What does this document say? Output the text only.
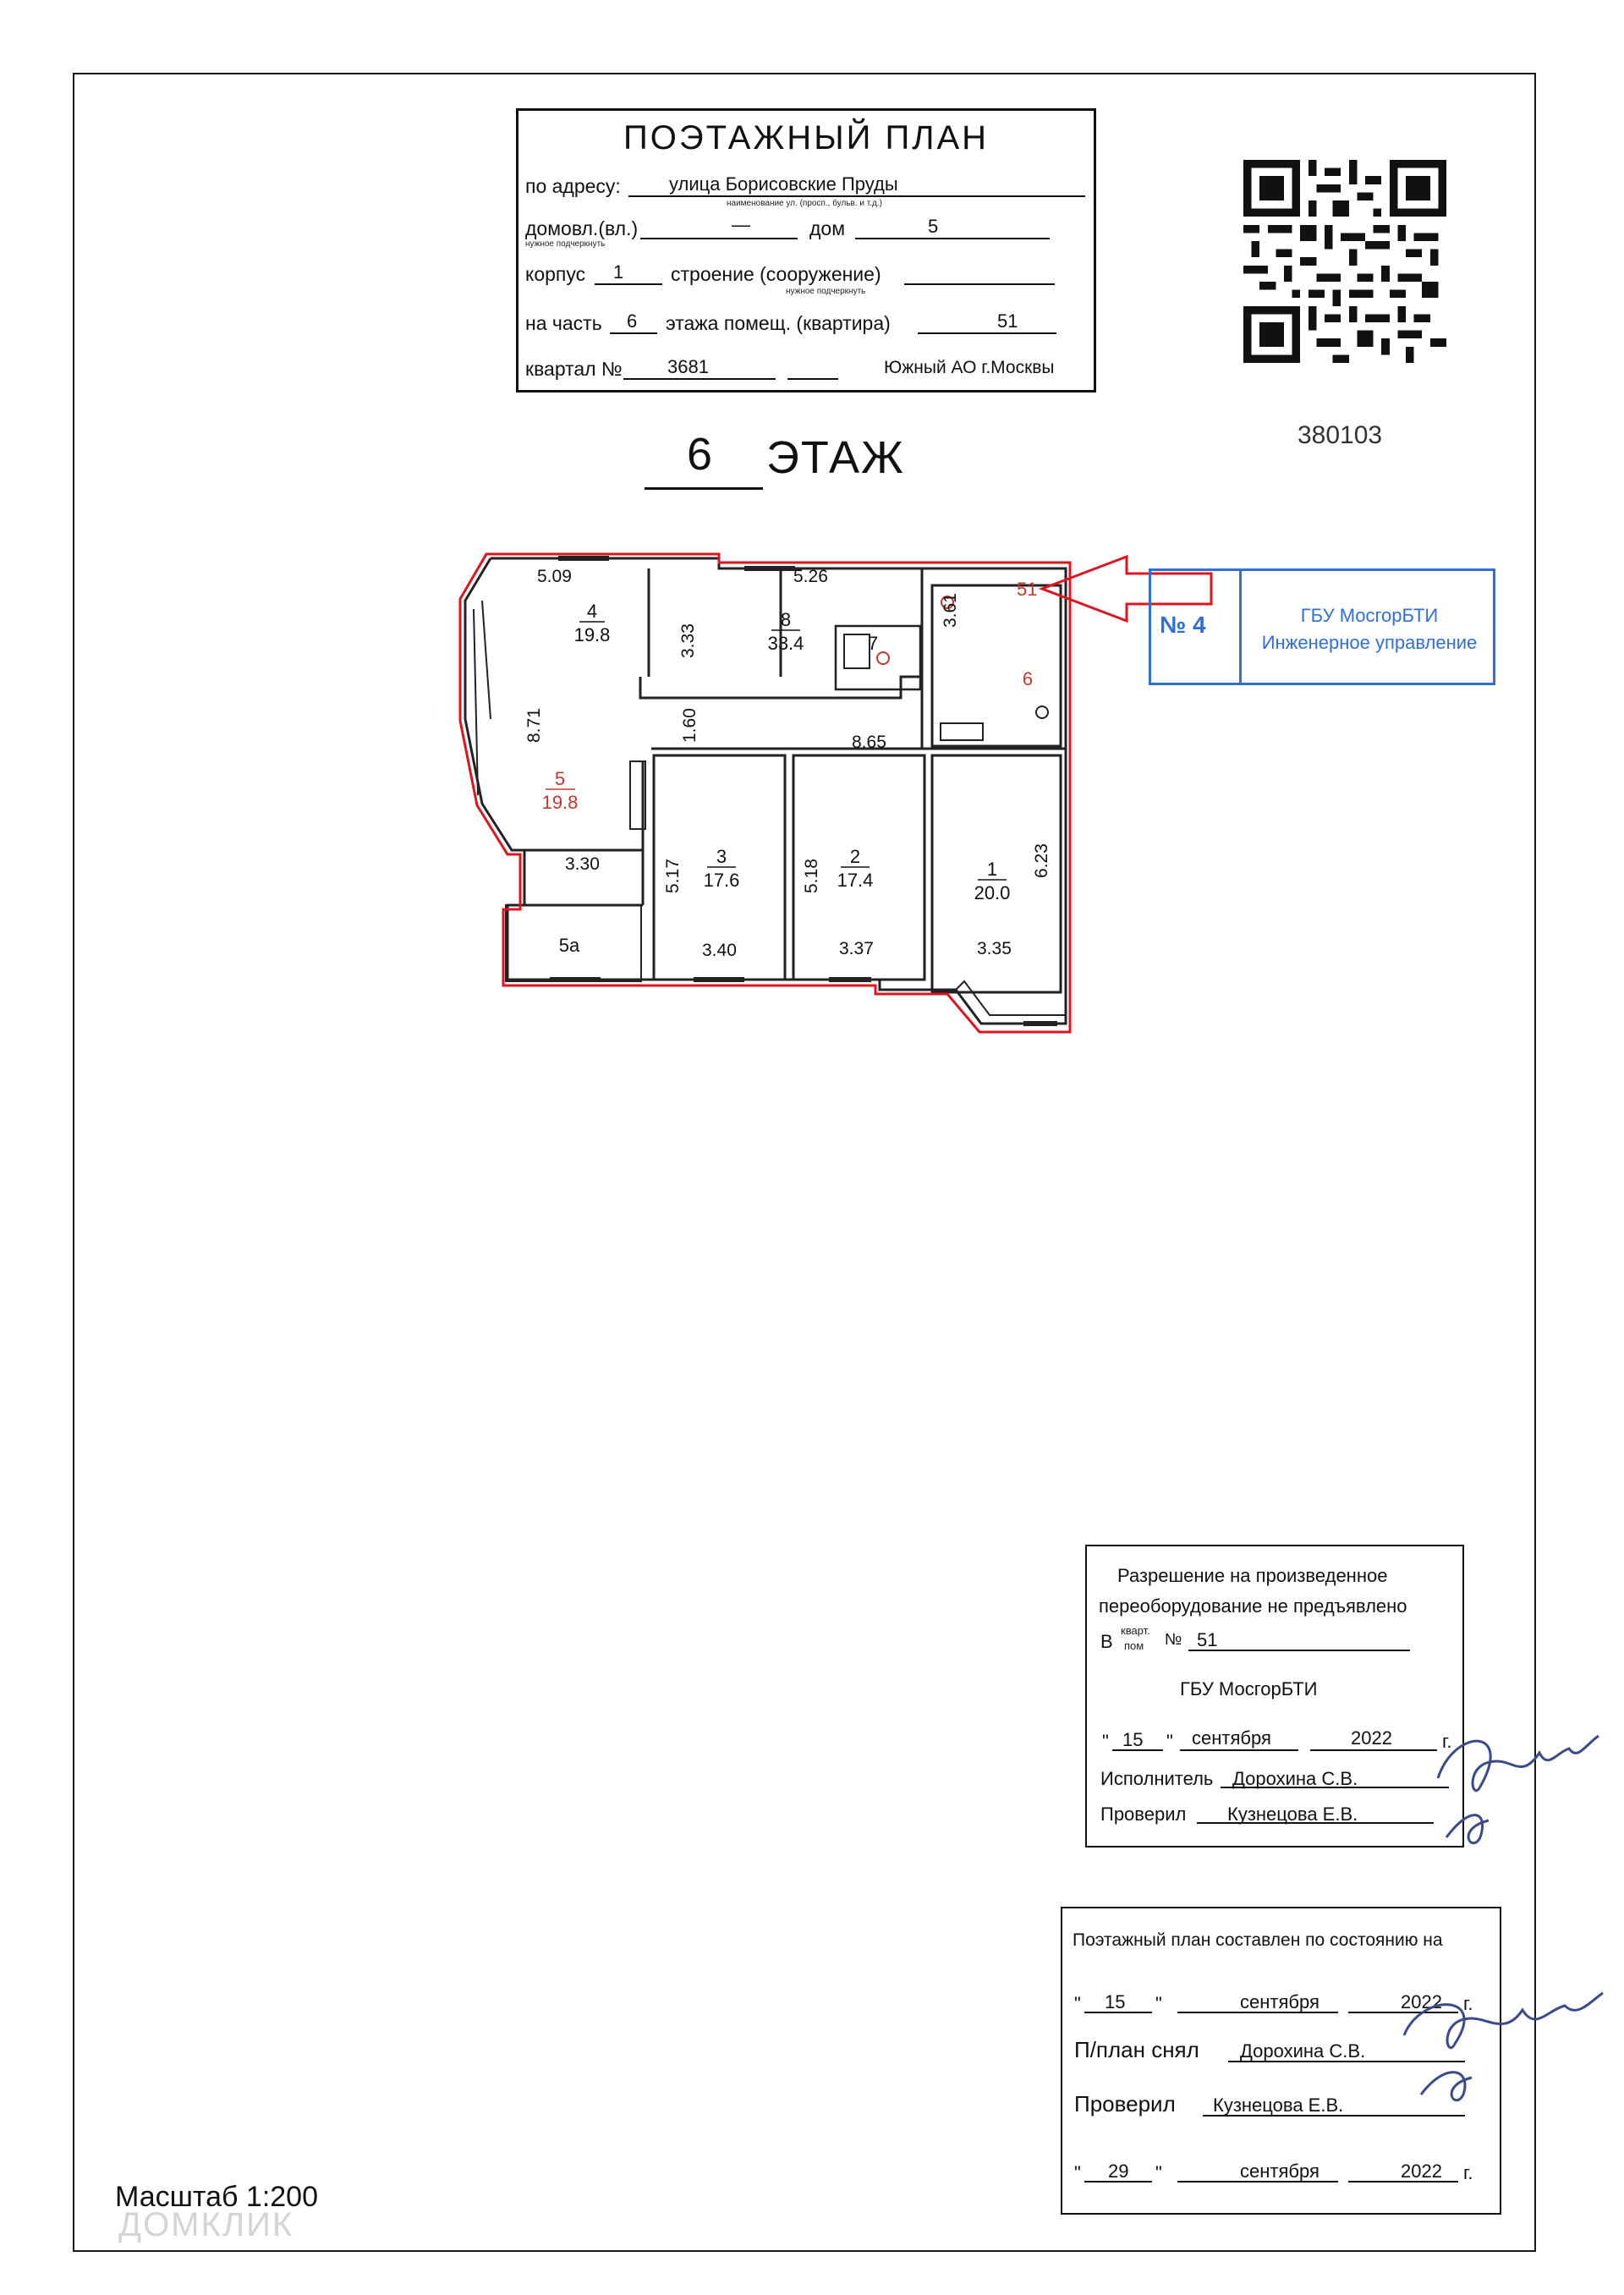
ПОЭТАЖНЫЙ ПЛАН
по адресу:	улица Борисовские Пруды
наименование ул. (просп., бульв. и т.д.)
домовл.(вл.)
нужное подчеркнуть
—	дом	5
корпус 1 строение (сооружение)
нужное подчеркнуть
на часть 6 этажа помещ. (квартира)	51
квартал № 3681	Южный АО г.Москвы
380103
6 ЭТАЖ
5.09	5.26
3.33
3.61
8.71	1.60	8.65
3.30	5.17	5.18	6.23
3.40	3.37	3.35
4
19.8
8
33.4	7
6
5
19.8
3
17.6
2
17.4
1
20.0
5а
51
№ 4	ГБУ МосгорБТИ
Инженерное управление
Разрешение на произведенное
переоборудование не предъявлено
В
кварт.
пом № 51
ГБУ МосгорБТИ
" 15 " сентября	2022	г.
Исполнитель Дорохина С.В.
Проверил Кузнецова Е.В.
Поэтажный план составлен по состоянию на
" 15 "	сентября	2022 г.
П/план снял Дорохина С.В.
Проверил Кузнецова Е.В.
" 29 "	сентября	2022 г.
Масштаб 1:200
ДОМКЛИК
